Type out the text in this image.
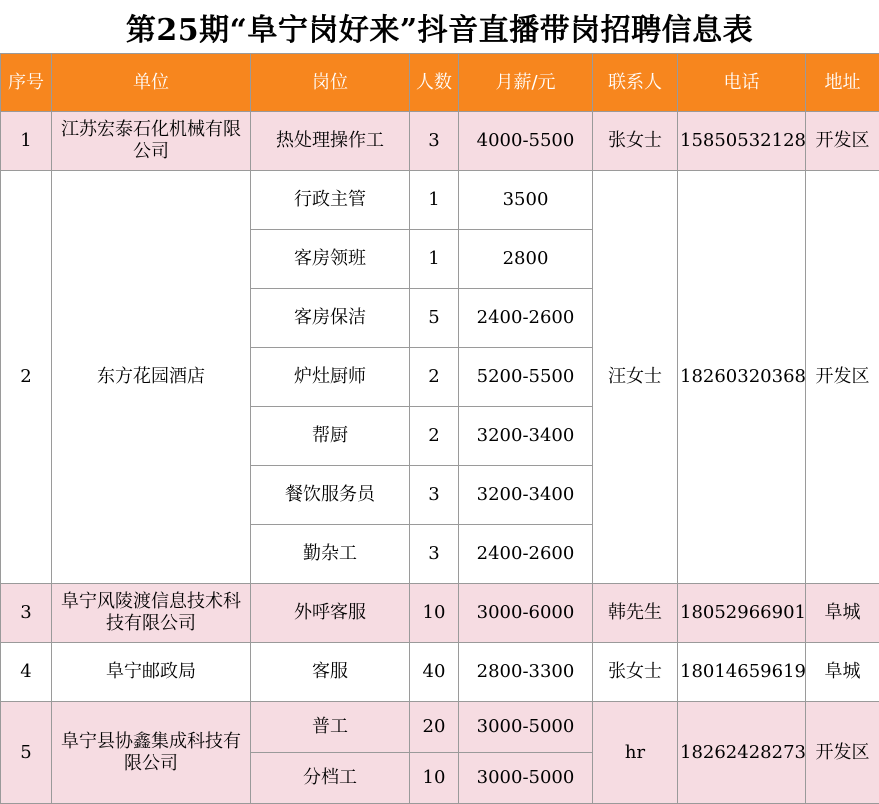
第25期“阜宁岗好来”抖音直播带岗招聘信息表
序号	单位	岗位	人数	月薪/元	联系人	电话	地址
1	江苏宏泰石化机械有限公司	热处理操作工	3	4000-5500	张女士	15850532128	开发区
2	东方花园酒店	行政主管	1	3500	汪女士	18260320368	开发区
		客房领班	1	2800			
		客房保洁	5	2400-2600			
		炉灶厨师	2	5200-5500			
		帮厨	2	3200-3400			
		餐饮服务员	3	3200-3400			
		勤杂工	3	2400-2600			
3	阜宁风陵渡信息技术科技有限公司	外呼客服	10	3000-6000	韩先生	18052966901	阜城
4	阜宁邮政局	客服	40	2800-3300	张女士	18014659619	阜城
5	阜宁县协鑫集成科技有限公司	普工	20	3000-5000	hr	18262428273	开发区
		分档工	10	3000-5000			
